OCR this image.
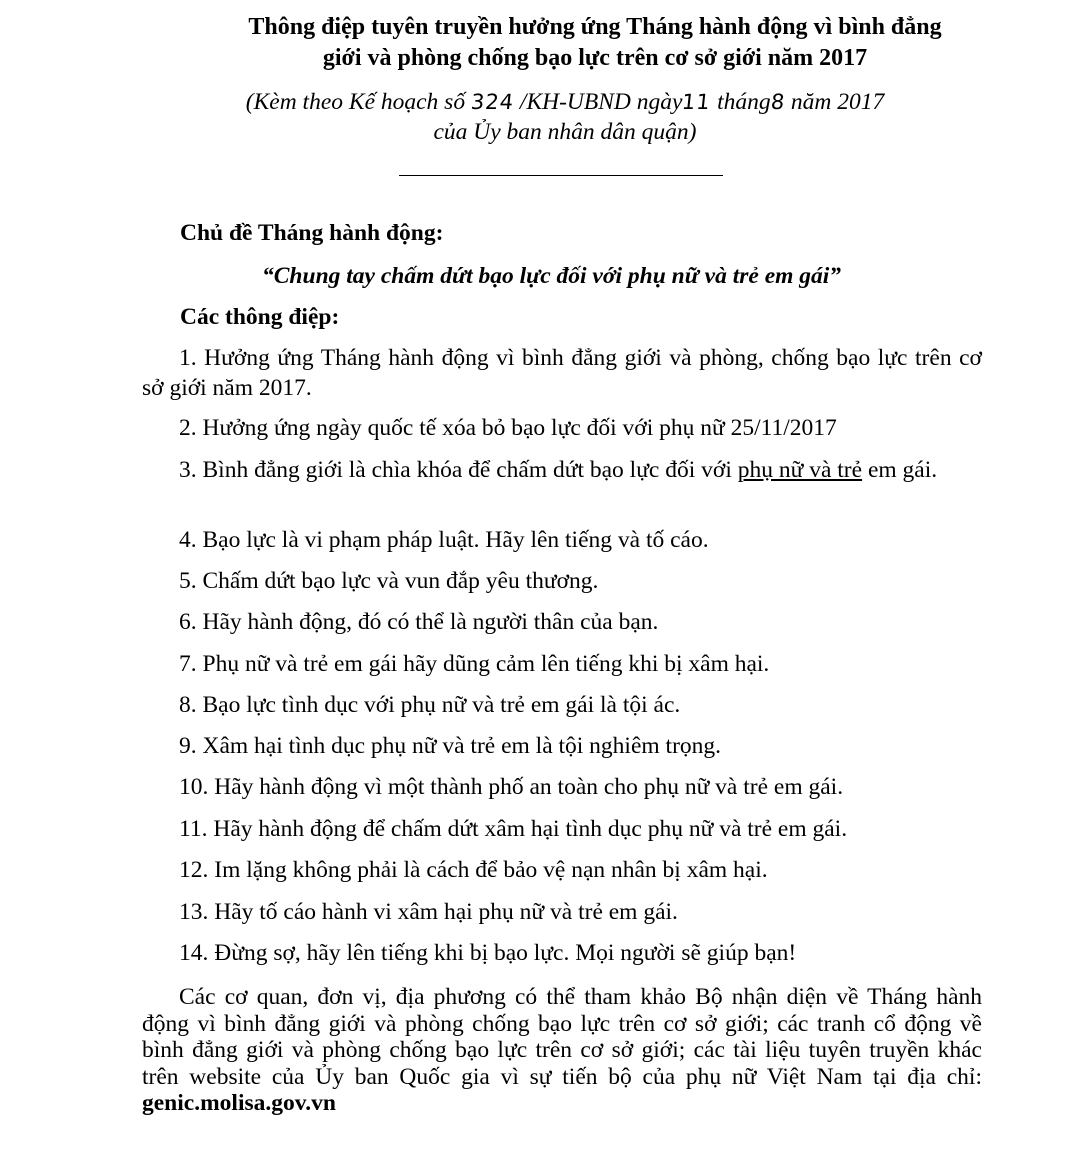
Thông điệp tuyên truyền hưởng ứng Tháng hành động vì bình đẳng
giới và phòng chống bạo lực trên cơ sở giới năm 2017
(Kèm theo Kế hoạch số 324 /KH-UBND ngày11 tháng8 năm 2017
của Ủy ban nhân dân quận)
Chủ đề Tháng hành động:
“Chung tay chấm dứt bạo lực đối với phụ nữ và trẻ em gái”
Các thông điệp:
1. Hưởng ứng Tháng hành động vì bình đẳng giới và phòng, chống bạo lực trên cơ sở giới năm 2017.
2. Hưởng ứng ngày quốc tế xóa bỏ bạo lực đối với phụ nữ 25/11/2017
3. Bình đẳng giới là chìa khóa để chấm dứt bạo lực đối với phụ nữ và trẻ em gái.
4. Bạo lực là vi phạm pháp luật. Hãy lên tiếng và tố cáo.
5. Chấm dứt bạo lực và vun đắp yêu thương.
6. Hãy hành động, đó có thể là người thân của bạn.
7. Phụ nữ và trẻ em gái hãy dũng cảm lên tiếng khi bị xâm hại.
8. Bạo lực tình dục với phụ nữ và trẻ em gái là tội ác.
9. Xâm hại tình dục phụ nữ và trẻ em là tội nghiêm trọng.
10. Hãy hành động vì một thành phố an toàn cho phụ nữ và trẻ em gái.
11. Hãy hành động để chấm dứt xâm hại tình dục phụ nữ và trẻ em gái.
12. Im lặng không phải là cách để bảo vệ nạn nhân bị xâm hại.
13. Hãy tố cáo hành vi xâm hại phụ nữ và trẻ em gái.
14. Đừng sợ, hãy lên tiếng khi bị bạo lực. Mọi người sẽ giúp bạn!
Các cơ quan, đơn vị, địa phương có thể tham khảo Bộ nhận diện về Tháng hành động vì bình đẳng giới và phòng chống bạo lực trên cơ sở giới; các tranh cổ động về bình đẳng giới và phòng chống bạo lực trên cơ sở giới; các tài liệu tuyên truyền khác trên website của Ủy ban Quốc gia vì sự tiến bộ của phụ nữ Việt Nam tại địa chỉ: genic.molisa.gov.vn
